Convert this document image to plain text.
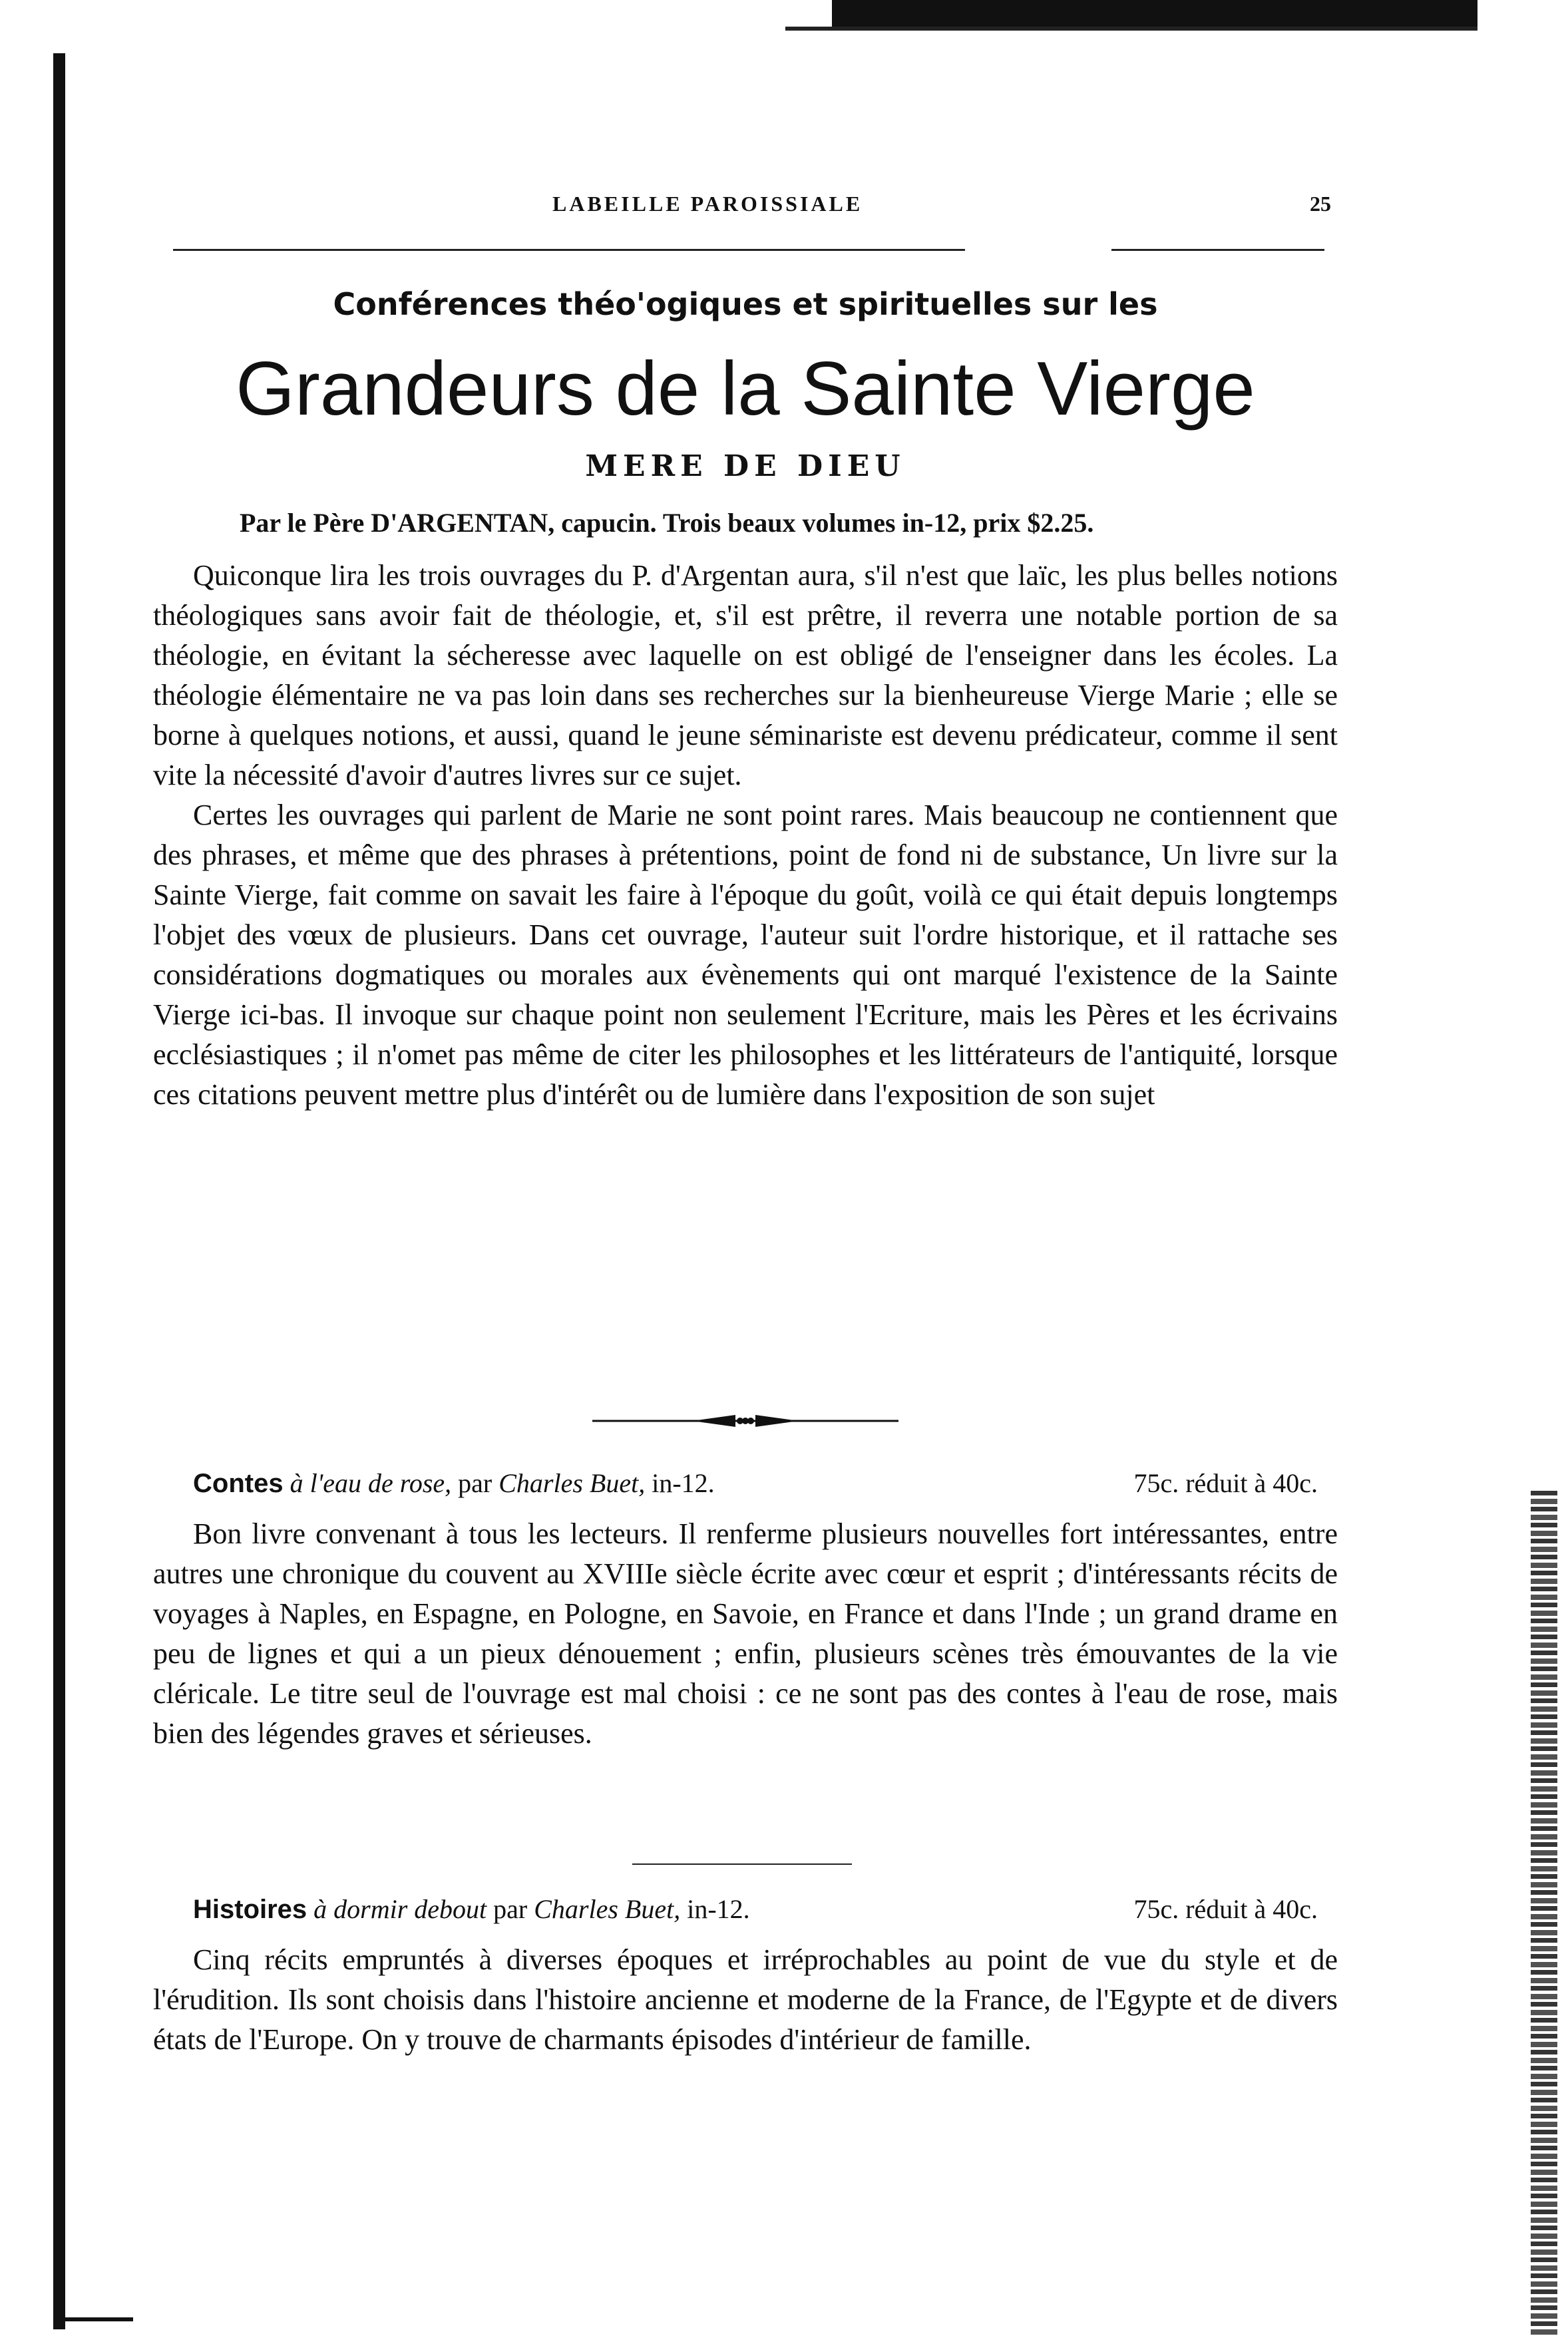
LABEILLE PAROISSIALE	25
Conférences théo'ogiques et spirituelles sur les
Grandeurs de la Sainte Vierge
MERE DE DIEU
Par le Père D'ARGENTAN, capucin. Trois beaux volumes in-12, prix $2.25.

Quiconque lira les trois ouvrages du P. d'Argentan aura, s'il n'est que laïc, les plus belles notions théologiques sans avoir fait de théologie, et, s'il est prêtre, il reverra une notable portion de sa théologie, en évitant la sécheresse avec laquelle on est obligé de l'enseigner dans les écoles. La théologie élémentaire ne va pas loin dans ses recherches sur la bienheureuse Vierge Marie ; elle se borne à quelques notions, et aussi, quand le jeune séminariste est devenu prédicateur, comme il sent vite la nécessité d'avoir d'autres livres sur ce sujet.

Certes les ouvrages qui parlent de Marie ne sont point rares. Mais beaucoup ne contiennent que des phrases, et même que des phrases à prétentions, point de fond ni de substance, Un livre sur la Sainte Vierge, fait comme on savait les faire à l'époque du goût, voilà ce qui était depuis longtemps l'objet des vœux de plusieurs. Dans cet ouvrage, l'auteur suit l'ordre historique, et il rattache ses considérations dogmatiques ou morales aux évènements qui ont marqué l'existence de la Sainte Vierge ici-bas. Il invoque sur chaque point non seulement l'Ecriture, mais les Pères et les écrivains ecclésiastiques ; il n'omet pas même de citer les philosophes et les littérateurs de l'antiquité, lorsque ces citations peuvent mettre plus d'intérêt ou de lumière dans l'exposition de son sujet

Contes à l'eau de rose, par Charles Buet, in-12.	75c. réduit à 40c.

Bon livre convenant à tous les lecteurs. Il renferme plusieurs nouvelles fort intéressantes, entre autres une chronique du couvent au XVIIIe siècle écrite avec cœur et esprit ; d'intéressants récits de voyages à Naples, en Espagne, en Pologne, en Savoie, en France et dans l'Inde ; un grand drame en peu de lignes et qui a un pieux dénouement ; enfin, plusieurs scènes très émouvantes de la vie cléricale. Le titre seul de l'ouvrage est mal choisi : ce ne sont pas des contes à l'eau de rose, mais bien des légendes graves et sérieuses.

Histoires à dormir debout par Charles Buet, in-12.	75c. réduit à 40c.

Cinq récits empruntés à diverses époques et irréprochables au point de vue du style et de l'érudition. Ils sont choisis dans l'histoire ancienne et moderne de la France, de l'Egypte et de divers états de l'Europe. On y trouve de charmants épisodes d'intérieur de famille.
